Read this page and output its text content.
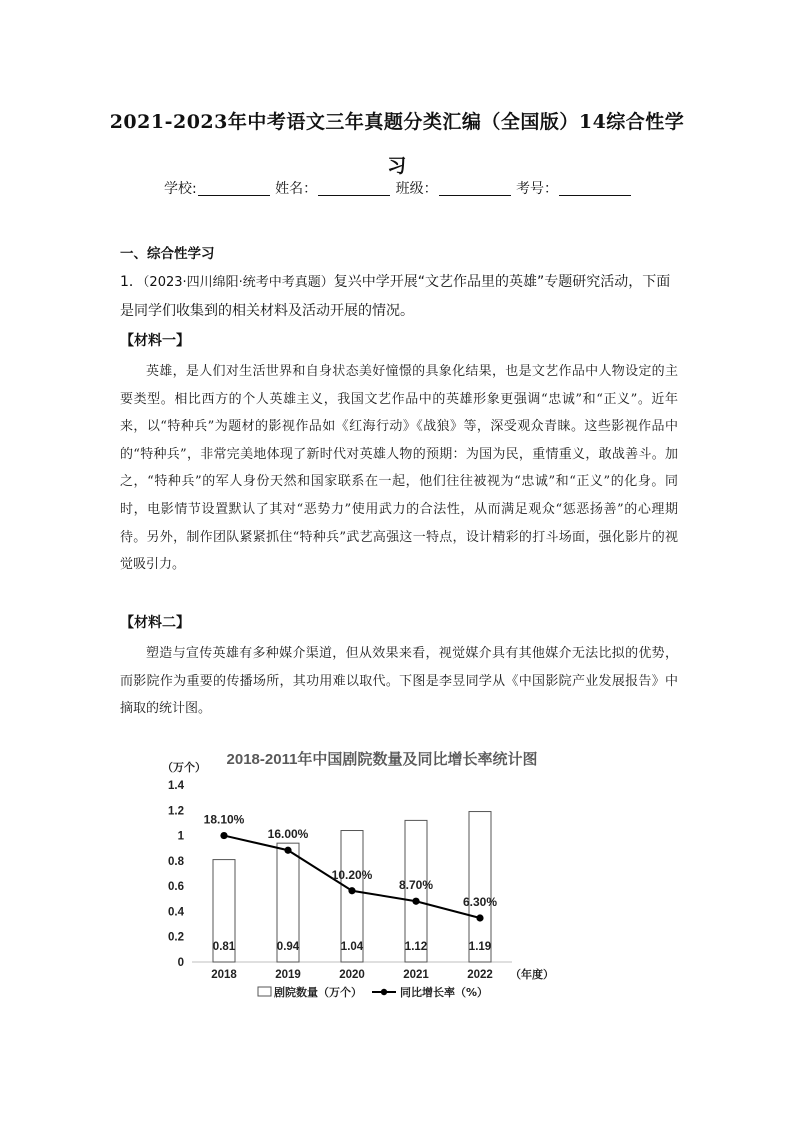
2021-2023年中考语文三年真题分类汇编（全国版）14综合性学习
学校:	姓名：	班级：	考号：
一、综合性学习
1．（2023·四川绵阳·统考中考真题）复兴中学开展“文艺作品里的英雄”专题研究活动，下面是同学们收集到的相关材料及活动开展的情况。
【材料一】
英雄，是人们对生活世界和自身状态美好憧憬的具象化结果，也是文艺作品中人物设定的主要类型。相比西方的个人英雄主义，我国文艺作品中的英雄形象更强调“忠诚”和“正义”。近年来，以“特种兵”为题材的影视作品如《红海行动》《战狼》等，深受观众青睐。这些影视作品中的“特种兵”，非常完美地体现了新时代对英雄人物的预期：为国为民，重情重义，敢战善斗。加之，“特种兵”的军人身份天然和国家联系在一起，他们往往被视为“忠诚”和“正义”的化身。同时，电影情节设置默认了其对“恶势力”使用武力的合法性，从而满足观众“惩恶扬善”的心理期待。另外，制作团队紧紧抓住“特种兵”武艺高强这一特点，设计精彩的打斗场面，强化影片的视觉吸引力。
【材料二】
塑造与宣传英雄有多种媒介渠道，但从效果来看，视觉媒介具有其他媒介无法比拟的优势，而影院作为重要的传播场所，其功用难以取代。下图是李昱同学从《中国影院产业发展报告》中摘取的统计图。
2018-2011年中国剧院数量及同比增长率统计图
（万个）
（年度）
0
0.2
0.4
0.6
0.8
1
1.2
1.4
2018	2019	2020	2021	2022
0.81	0.94	1.04	1.12	1.19
18.10%
16.00%
10.20%
8.70%
6.30%
剧院数量（万个）	同比增长率（%）
